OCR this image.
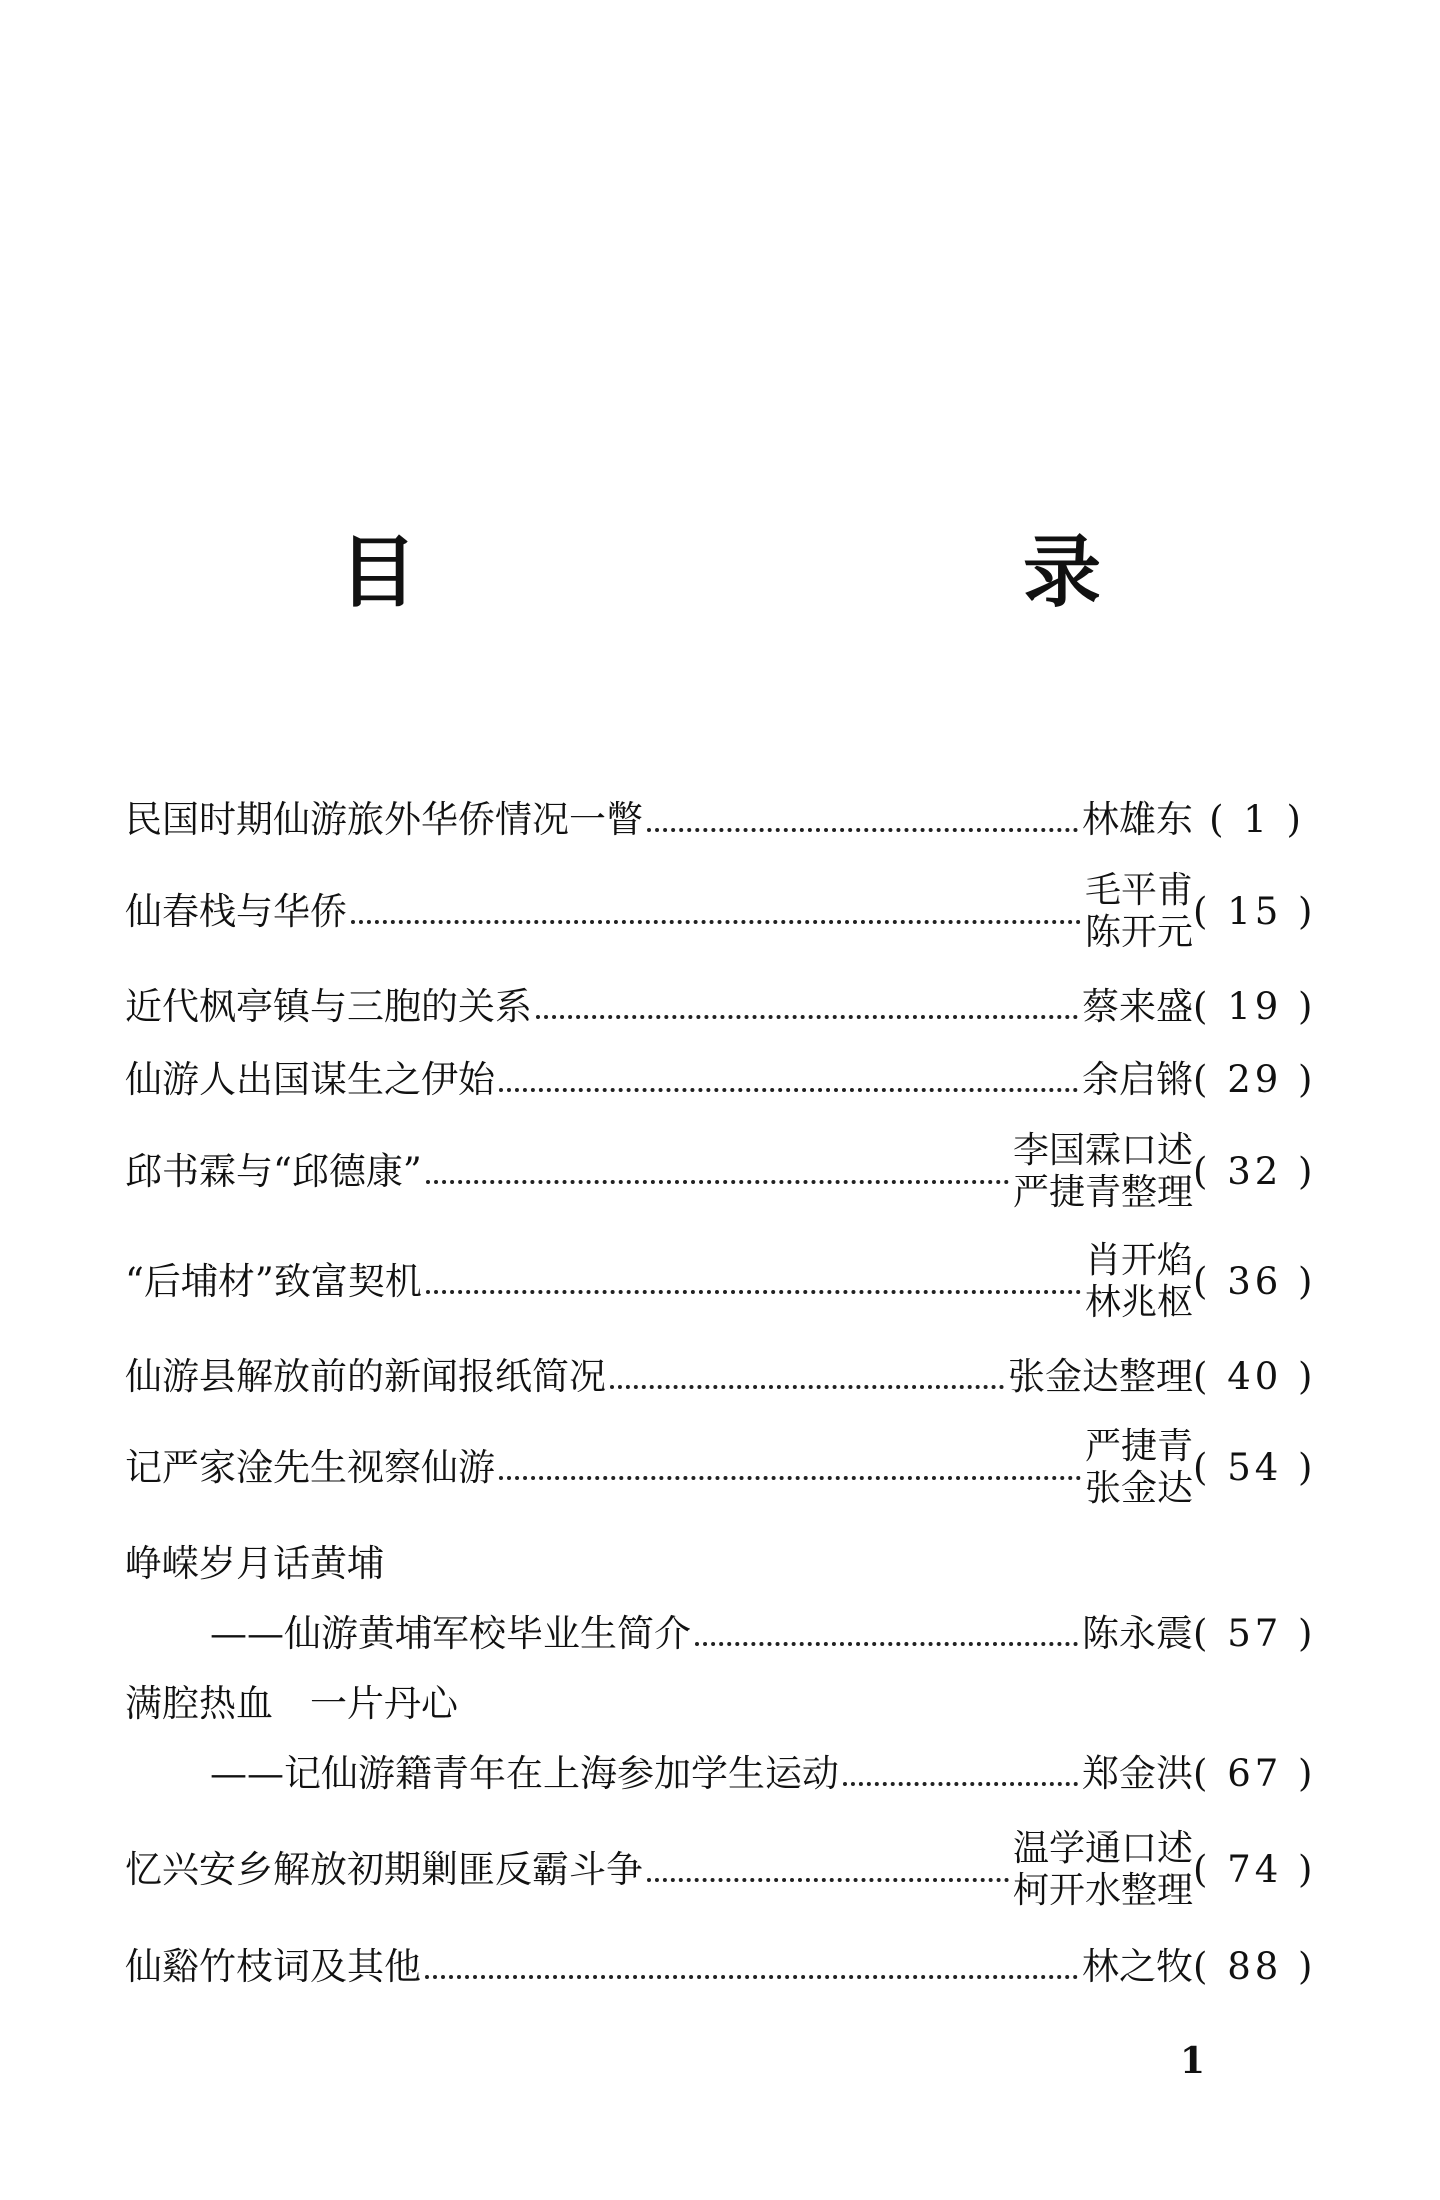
目　　录
民国时期仙游旅外华侨情况一瞥	林雄东 ( 1 )
仙春栈与华侨	毛平甫
陈开元 ( 15 )
近代枫亭镇与三胞的关系	蔡来盛 ( 19 )
仙游人出国谋生之伊始	余启锵 ( 29 )
邱书霖与“邱德康”	李国霖口述
严捷青整理 ( 32 )
“后埔材”致富契机	肖开焰
林兆枢 ( 36 )
仙游县解放前的新闻报纸简况	张金达整理 ( 40 )
记严家淦先生视察仙游	严捷青
张金达 ( 54 )
峥嵘岁月话黄埔
——仙游黄埔军校毕业生简介	陈永震 ( 57 )
满腔热血　一片丹心
——记仙游籍青年在上海参加学生运动	郑金洪 ( 67 )
忆兴安乡解放初期剿匪反霸斗争	温学通口述
柯开水整理 ( 74 )
仙谿竹枝词及其他	林之牧 ( 88 )
1
